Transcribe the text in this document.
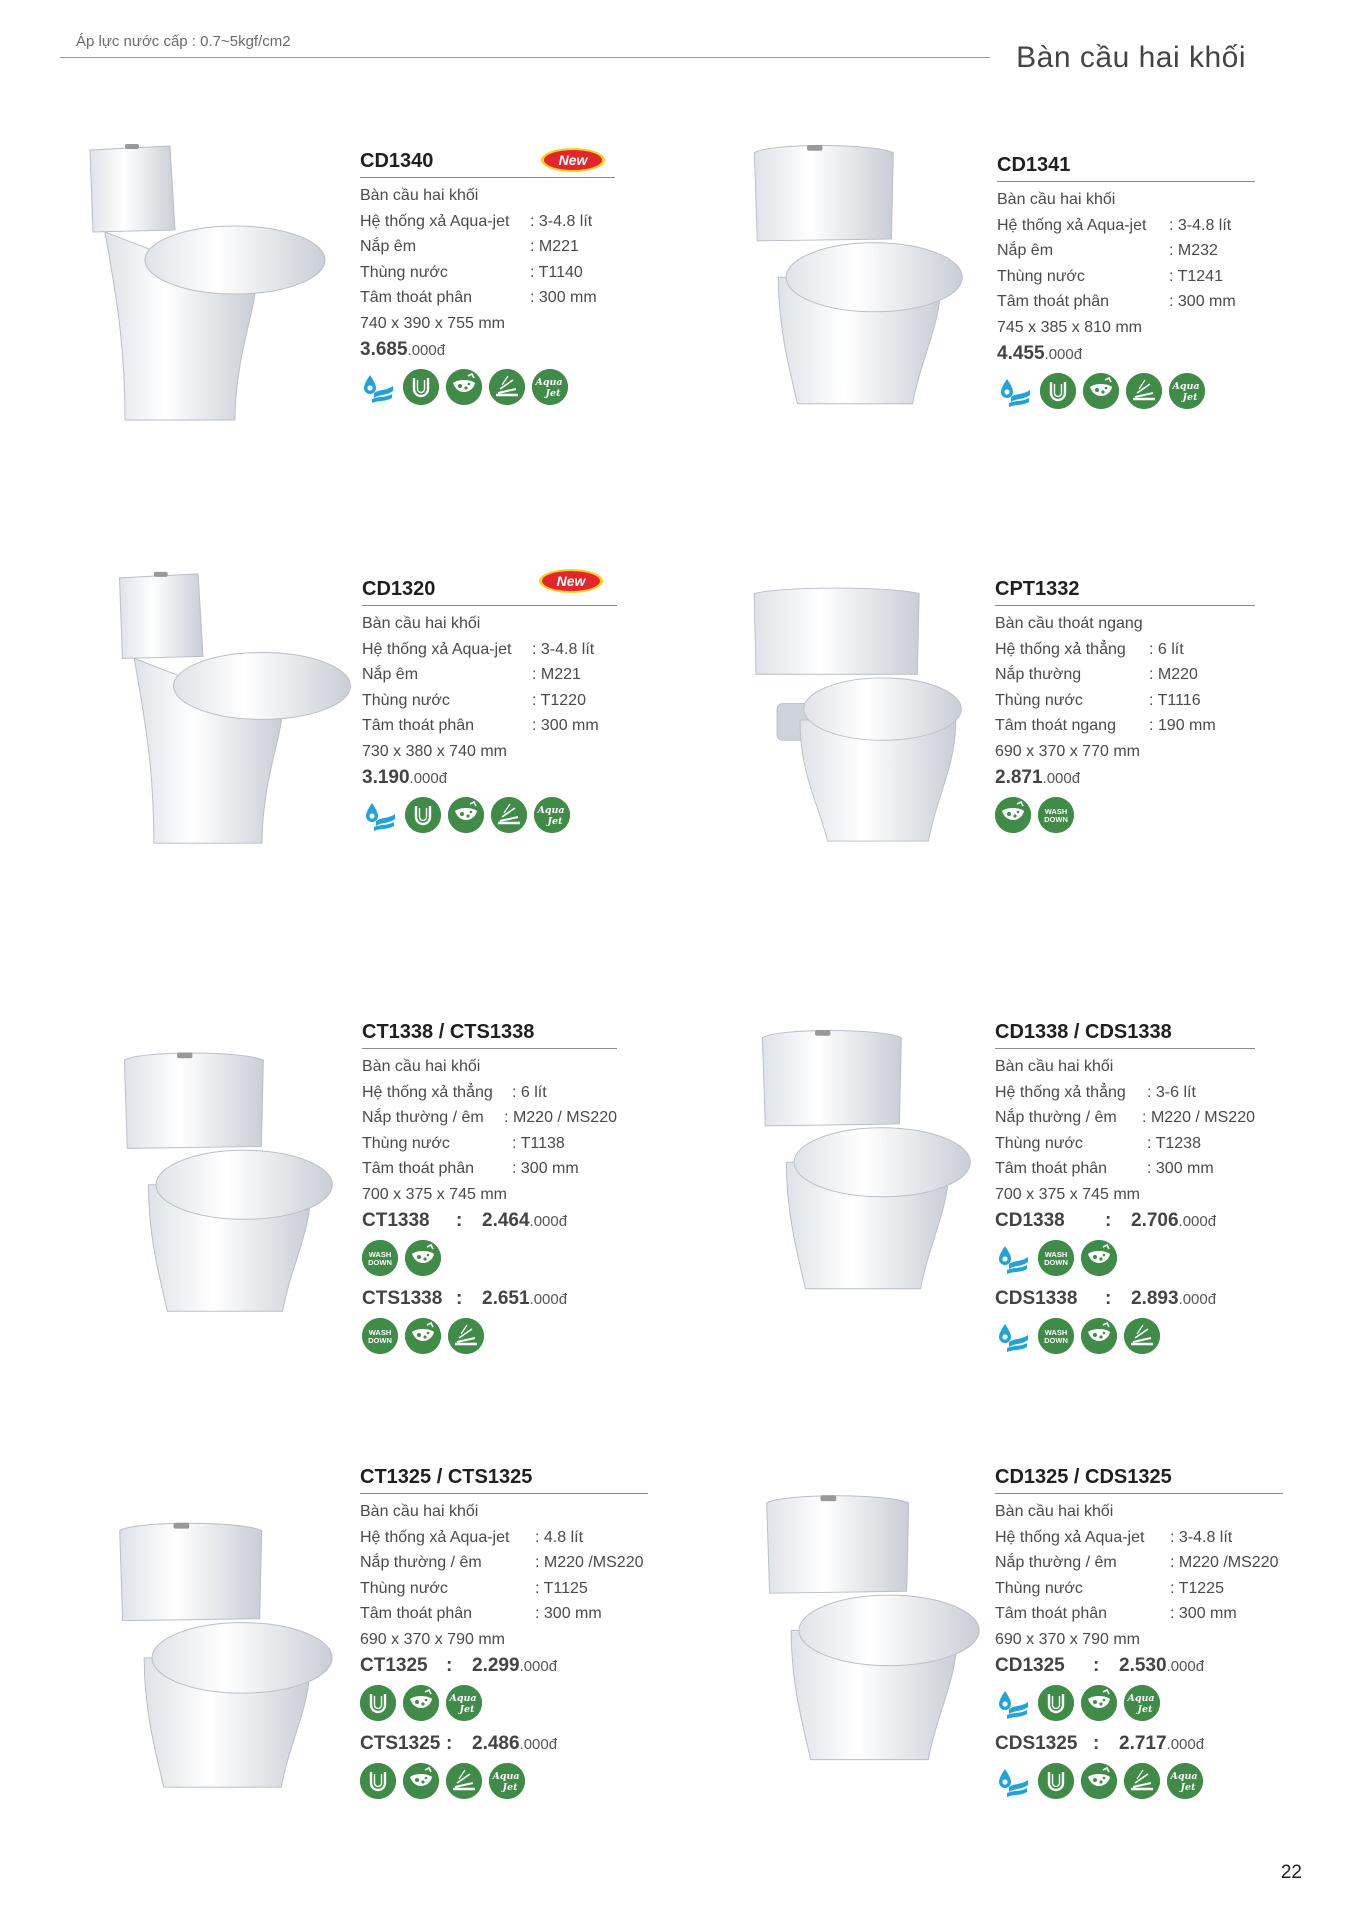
Áp lực nước cấp : 0.7~5kgf/cm2	Bàn cầu hai khối
22
CD1340
Bàn cầu hai khối
Hệ thống xả Aqua-jet	: 3-4.8 lít
Nắp êm	: M221
Thùng nước	: T1140
Tâm thoát phân	: 300 mm
740 x 390 x 755 mm
3.685 .000đ
Aqua
Jet
New	CD1341
Bàn cầu hai khối
Hệ thống xả Aqua-jet	: 3-4.8 lít
Nắp êm	: M232
Thùng nước	: T1241
Tâm thoát phân	: 300 mm
745 x 385 x 810 mm
4.455 .000đ
Aqua
Jet
CD1320
Bàn cầu hai khối
Hệ thống xả Aqua-jet	: 3-4.8 lít
Nắp êm	: M221
Thùng nước	: T1220
Tâm thoát phân	: 300 mm
730 x 380 x 740 mm
3.190 .000đ
Aqua
Jet
New	CPT1332
Bàn cầu thoát ngang
Hệ thống xả thẳng	: 6 lít
Nắp thường	: M220
Thùng nước	: T1116
Tâm thoát ngang	: 190 mm
690 x 370 x 770 mm
2.871 .000đ
WASH
DOWN
CT1338 / CTS1338
Bàn cầu hai khối
Hệ thống xả thẳng	: 6 lít
Nắp thường / êm	: M220 / MS220
Thùng nước	: T1138
Tâm thoát phân	: 300 mm
700 x 375 x 745 mm
CT1338	:	2.464 .000đ
WASH
DOWN
CTS1338 :	2.651 .000đ
WASH
DOWN
CD1338 / CDS1338
Bàn cầu hai khối
Hệ thống xả thẳng	: 3-6 lít
Nắp thường / êm	: M220 / MS220
Thùng nước	: T1238
Tâm thoát phân	: 300 mm
700 x 375 x 745 mm
CD1338	:	2.706 .000đ
WASH
DOWN
CDS1338	:	2.893 .000đ
WASH
DOWN
CT1325 / CTS1325
Bàn cầu hai khối
Hệ thống xả Aqua-jet	: 4.8 lít
Nắp thường / êm	: M220 /MS220
Thùng nước	: T1125
Tâm thoát phân	: 300 mm
690 x 370 x 790 mm
CT1325 :	2.299 .000đ
Aqua
Jet
CTS1325 :	2.486 .000đ
Aqua
Jet
CD1325 / CDS1325
Bàn cầu hai khối
Hệ thống xả Aqua-jet	: 3-4.8 lít
Nắp thường / êm	: M220 /MS220
Thùng nước	: T1225
Tâm thoát phân	: 300 mm
690 x 370 x 790 mm
CD1325	:	2.530 .000đ
Aqua
Jet
CDS1325 :	2.717 .000đ
Aqua
Jet
